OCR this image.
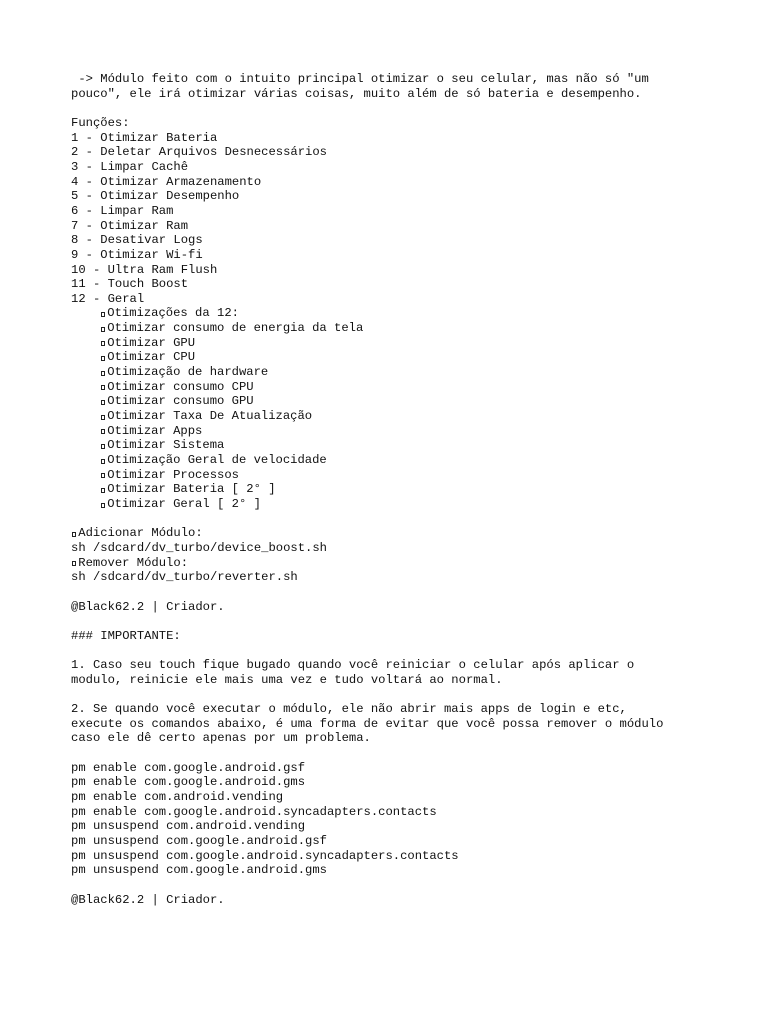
-> Módulo feito com o intuito principal otimizar o seu celular, mas não só "um
pouco", ele irá otimizar várias coisas, muito além de só bateria e desempenho.
Funções:
1 - Otimizar Bateria
2 - Deletar Arquivos Desnecessários
3 - Limpar Cachê
4 - Otimizar Armazenamento
5 - Otimizar Desempenho
6 - Limpar Ram
7 - Otimizar Ram
8 - Desativar Logs
9 - Otimizar Wi-fi
10 - Ultra Ram Flush
11 - Touch Boost
12 - Geral
Otimizações da 12:
Otimizar consumo de energia da tela
Otimizar GPU
Otimizar CPU
Otimização de hardware
Otimizar consumo CPU
Otimizar consumo GPU
Otimizar Taxa De Atualização
Otimizar Apps
Otimizar Sistema
Otimização Geral de velocidade
Otimizar Processos
Otimizar Bateria [ 2° ]
Otimizar Geral [ 2° ]
Adicionar Módulo:
sh /sdcard/dv_turbo/device_boost.sh
Remover Módulo:
sh /sdcard/dv_turbo/reverter.sh
@Black62.2 | Criador.
### IMPORTANTE:
1. Caso seu touch fique bugado quando você reiniciar o celular após aplicar o
modulo, reinicie ele mais uma vez e tudo voltará ao normal.
2. Se quando você executar o módulo, ele não abrir mais apps de login e etc,
execute os comandos abaixo, é uma forma de evitar que você possa remover o módulo
caso ele dê certo apenas por um problema.
pm enable com.google.android.gsf
pm enable com.google.android.gms
pm enable com.android.vending
pm enable com.google.android.syncadapters.contacts
pm unsuspend com.android.vending
pm unsuspend com.google.android.gsf
pm unsuspend com.google.android.syncadapters.contacts
pm unsuspend com.google.android.gms
@Black62.2 | Criador.
